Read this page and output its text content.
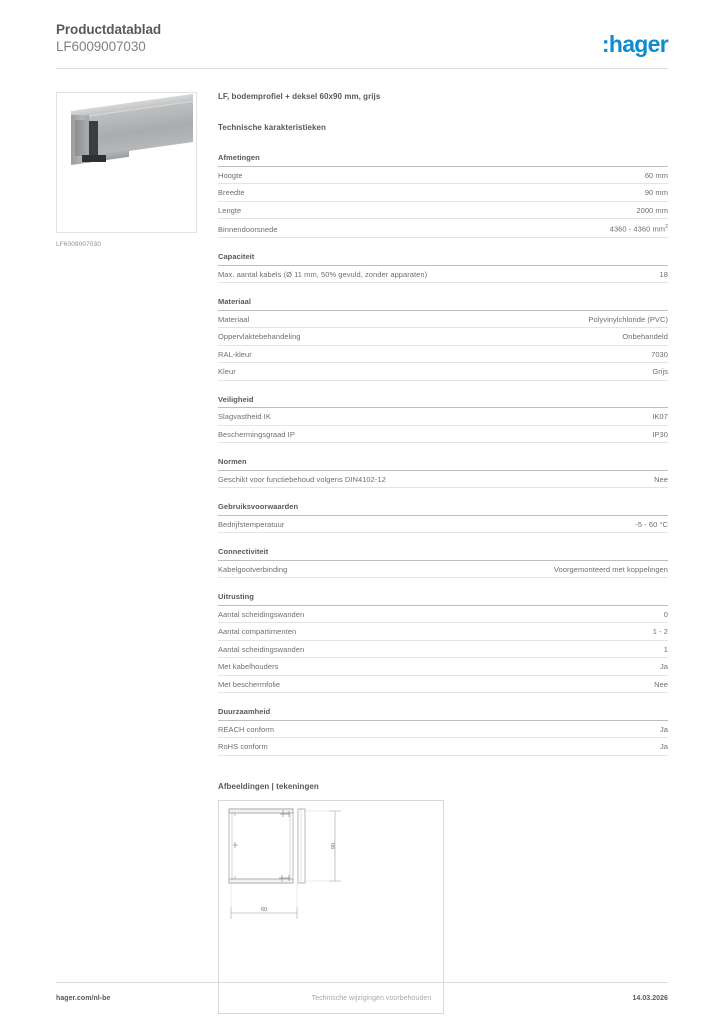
Productdatablad
LF6009007030	:hager
LF6009007030
LF, bodemprofiel + deksel 60x90 mm, grijs
Technische karakteristieken
Afmetingen
Hoogte	60 mm
Breedte	90 mm
Lengte	2000 mm
Binnendoorsnede	4360 - 4360 $mm^2$
Capaciteit
Max. aantal kabels (Ø 11 mm, 50% gevuld, zonder apparaten)	18
Materiaal
Materiaal	Polyvinylchloride (PVC)
Oppervlaktebehandeling	Onbehandeld
RAL-kleur	7030
Kleur	Grijs
Veiligheid
Slagvastheid IK	IK07
Beschermingsgraad IP	IP30
Normen
Geschikt voor functiebehoud volgens DIN4102-12	Nee
Gebruiksvoorwaarden
Bedrijfstemperatuur	-5 - 60 °C
Connectiviteit
Kabelgootverbinding	Voorgemonteerd met koppelingen
Uitrusting
Aantal scheidingswanden	0
Aantal compartimenten	1 - 2
Aantal scheidingswanden	1
Met kabelhouders	Ja
Met beschermfolie	Nee
Duurzaamheid
REACH conform	Ja
RoHS conform	Ja
Afbeeldingen | tekeningen
60
90
hager.com/nl-be	Technische wijzigingen voorbehouden	14.03.2026
